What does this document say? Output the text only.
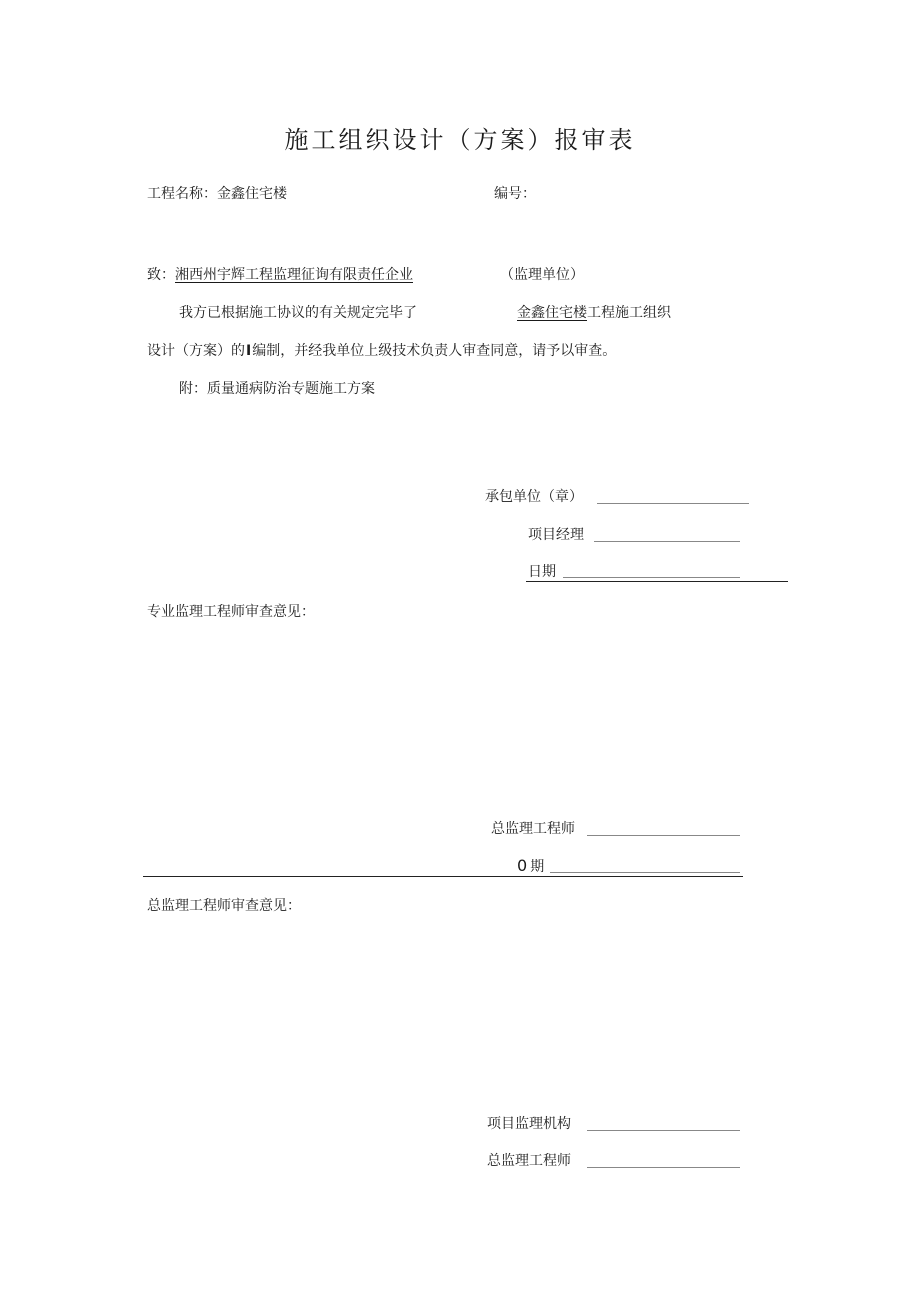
施工组织设计（方案）报审表
工程名称：金鑫住宅楼	编号：
致：湘西州宇辉工程监理征询有限责任企业	（监理单位）
我方已根据施工协议的有关规定完毕了	金鑫住宅楼工程施工组织
设计（方案）的I编制，并经我单位上级技术负责人审查同意，请予以审查。
附：质量通病防治专题施工方案
承包单位（章）
项目经理
日期
专业监理工程师审查意见：
总监理工程师
0 期
总监理工程师审查意见：
项目监理机构
总监理工程师
